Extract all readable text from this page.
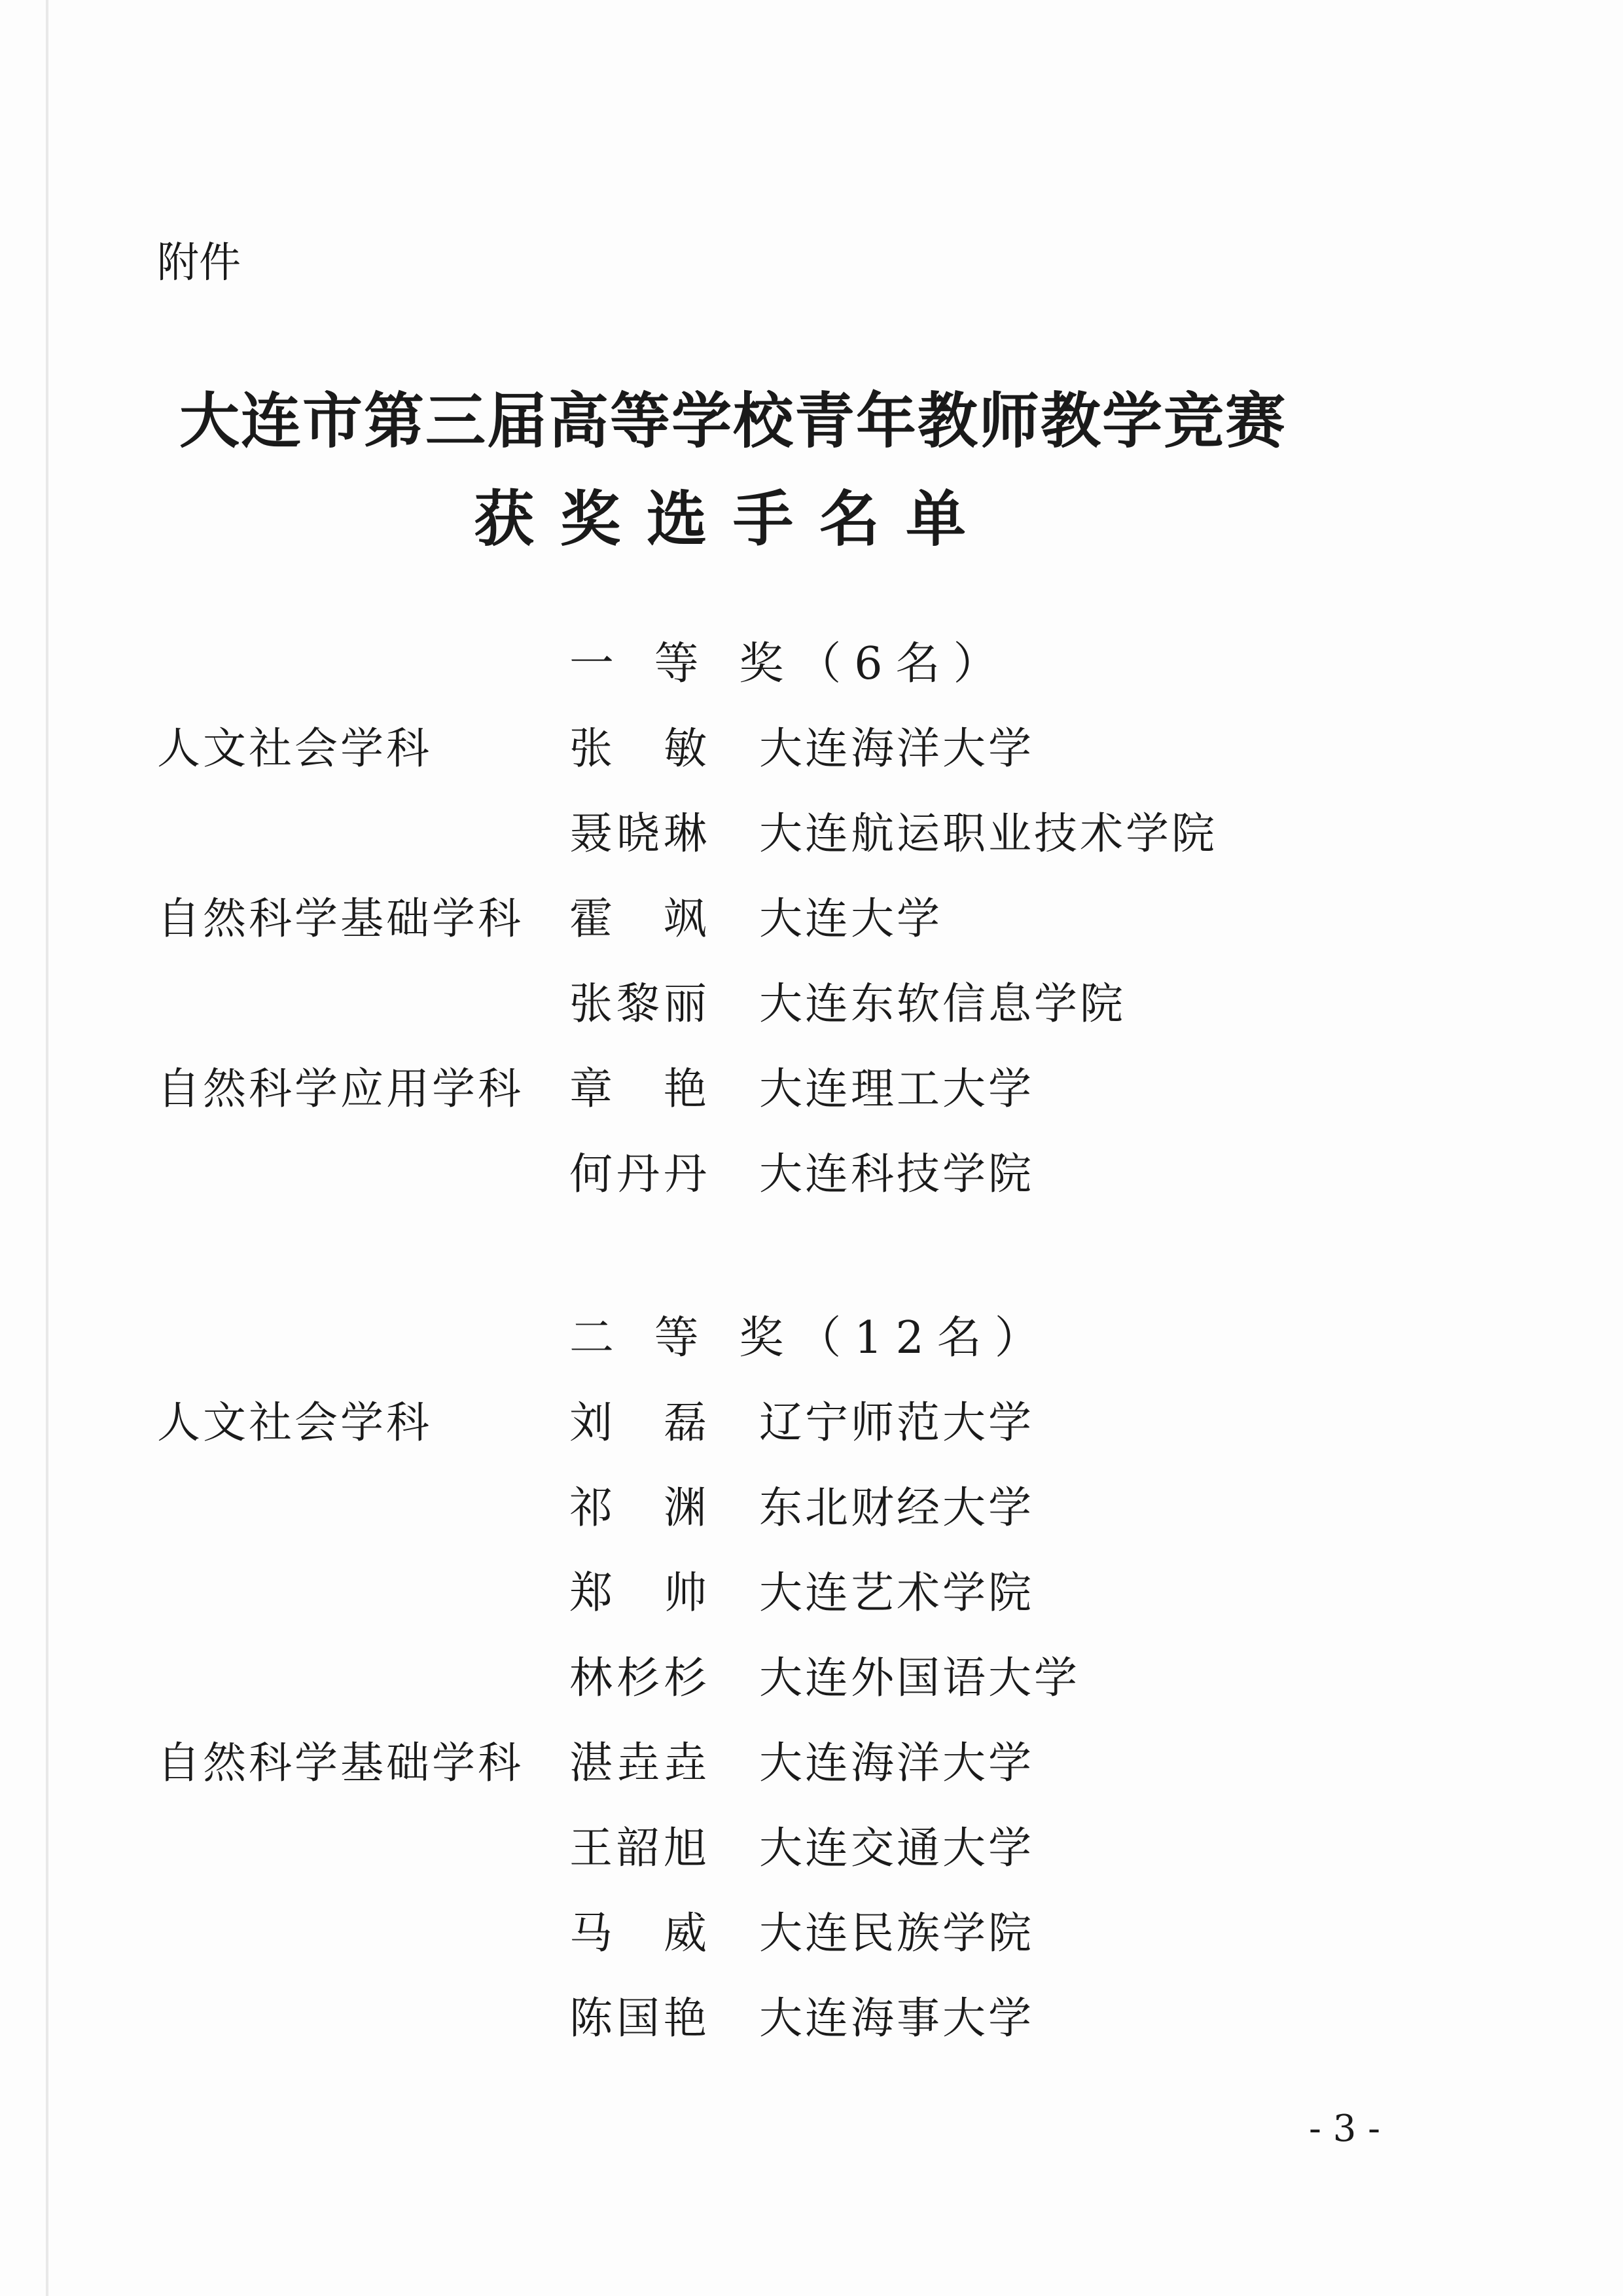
附件
大连市第三届高等学校青年教师教学竞赛
获奖选手名单
一 等 奖（6名）
人文社会学科	张　敏 大连海洋大学
聂晓琳 大连航运职业技术学院
自然科学基础学科 霍　飒 大连大学
张黎丽 大连东软信息学院
自然科学应用学科 章　艳 大连理工大学
何丹丹 大连科技学院
二 等 奖（12名）
人文社会学科	刘　磊 辽宁师范大学
祁　渊 东北财经大学
郑　帅 大连艺术学院
林杉杉 大连外国语大学
自然科学基础学科 湛垚垚 大连海洋大学
王韶旭 大连交通大学
马　威 大连民族学院
陈国艳 大连海事大学
- 3 -
